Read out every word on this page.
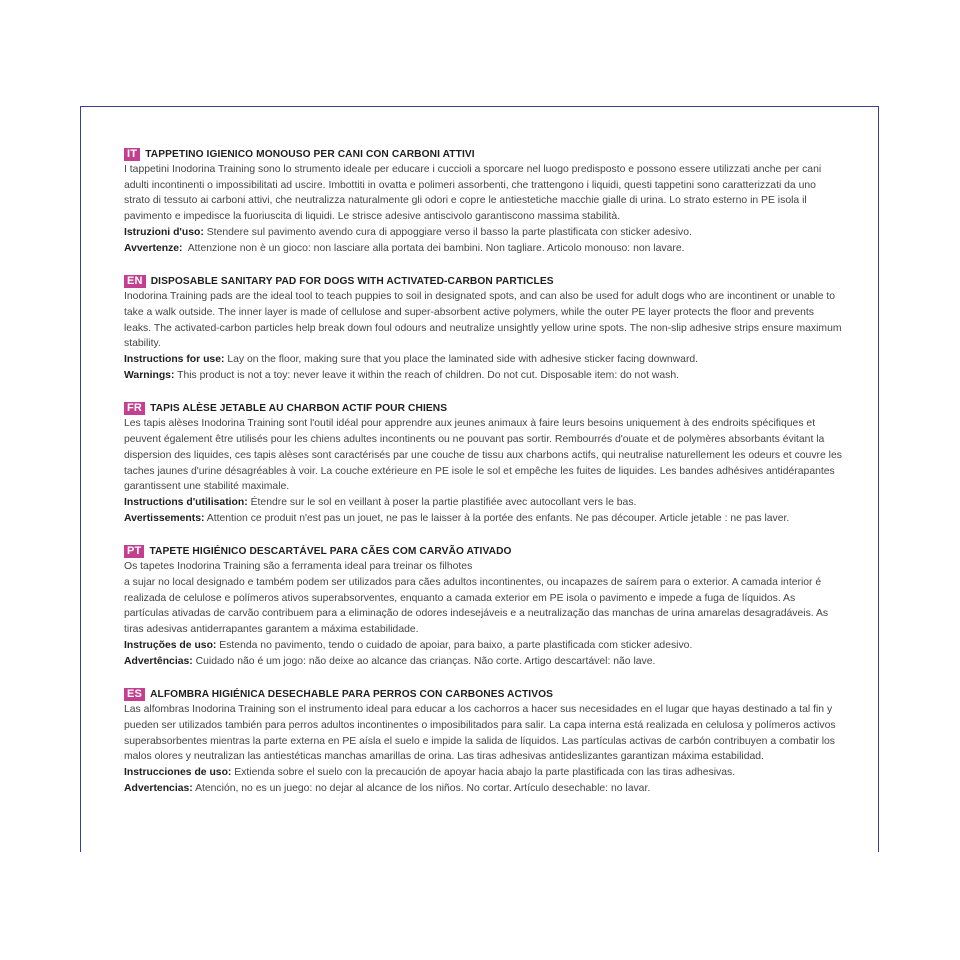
IT TAPPETINO IGIENICO MONOUSO PER CANI CON CARBONI ATTIVI

I tappetini Inodorina Training sono lo strumento ideale per educare i cuccioli a sporcare nel luogo predisposto e possono essere utilizzati anche per cani adulti incontinenti o impossibilitati ad uscire. Imbottiti in ovatta e polimeri assorbenti, che trattengono i liquidi, questi tappetini sono caratterizzati da uno strato di tessuto ai carboni attivi, che neutralizza naturalmente gli odori e copre le antiestetiche macchie gialle di urina. Lo strato esterno in PE isola il pavimento e impedisce la fuoriuscita di liquidi. Le strisce adesive antiscivolo garantiscono massima stabilità.

Istruzioni d'uso: Stendere sul pavimento avendo cura di appoggiare verso il basso la parte plastificata con sticker adesivo.

Avvertenze: Attenzione non è un gioco: non lasciare alla portata dei bambini. Non tagliare. Articolo monouso: non lavare.

EN DISPOSABLE SANITARY PAD FOR DOGS WITH ACTIVATED-CARBON PARTICLES

Inodorina Training pads are the ideal tool to teach puppies to soil in designated spots, and can also be used for adult dogs who are incontinent or unable to take a walk outside. The inner layer is made of cellulose and super-absorbent active polymers, while the outer PE layer protects the floor and prevents leaks. The activated-carbon particles help break down foul odours and neutralize unsightly yellow urine spots. The non-slip adhesive strips ensure maximum stability.

Instructions for use: Lay on the floor, making sure that you place the laminated side with adhesive sticker facing downward.

Warnings: This product is not a toy: never leave it within the reach of children. Do not cut. Disposable item: do not wash.

FR TAPIS ALÈSE JETABLE AU CHARBON ACTIF POUR CHIENS

Les tapis alèses Inodorina Training sont l'outil idéal pour apprendre aux jeunes animaux à faire leurs besoins uniquement à des endroits spécifiques et peuvent également être utilisés pour les chiens adultes incontinents ou ne pouvant pas sortir. Rembourrés d'ouate et de polymères absorbants évitant la dispersion des liquides, ces tapis alèses sont caractérisés par une couche de tissu aux charbons actifs, qui neutralise naturellement les odeurs et couvre les taches jaunes d'urine désagréables à voir. La couche extérieure en PE isole le sol et empêche les fuites de liquides. Les bandes adhésives antidérapantes garantissent une stabilité maximale.

Instructions d'utilisation: Étendre sur le sol en veillant à poser la partie plastifiée avec autocollant vers le bas.

Avertissements: Attention ce produit n'est pas un jouet, ne pas le laisser à la portée des enfants. Ne pas découper. Article jetable : ne pas laver.

PT TAPETE HIGIÉNICO DESCARTÁVEL PARA CÃES COM CARVÃO ATIVADO

Os tapetes Inodorina Training são a ferramenta ideal para treinar os filhotes
a sujar no local designado e também podem ser utilizados para cães adultos incontinentes, ou incapazes de saírem para o exterior. A camada interior é realizada de celulose e polímeros ativos superabsorventes, enquanto a camada exterior em PE isola o pavimento e impede a fuga de líquidos. As partículas ativadas de carvão contribuem para a eliminação de odores indesejáveis e a neutralização das manchas de urina amarelas desagradáveis. As tiras adesivas antiderrapantes garantem a máxima estabilidade.

Instruções de uso: Estenda no pavimento, tendo o cuidado de apoiar, para baixo, a parte plastificada com sticker adesivo.

Advertências: Cuidado não é um jogo: não deixe ao alcance das crianças. Não corte. Artigo descartável: não lave.

ES ALFOMBRA HIGIÉNICA DESECHABLE PARA PERROS CON CARBONES ACTIVOS

Las alfombras Inodorina Training son el instrumento ideal para educar a los cachorros a hacer sus necesidades en el lugar que hayas destinado a tal fin y pueden ser utilizados también para perros adultos incontinentes o imposibilitados para salir. La capa interna está realizada en celulosa y polímeros activos superabsorbentes mientras la parte externa en PE aísla el suelo e impide la salida de líquidos. Las partículas activas de carbón contribuyen a combatir los malos olores y neutralizan las antiestéticas manchas amarillas de orina. Las tiras adhesivas antideslizantes garantizan máxima estabilidad.

Instrucciones de uso: Extienda sobre el suelo con la precaución de apoyar hacia abajo la parte plastificada con las tiras adhesivas.

Advertencias: Atención, no es un juego: no dejar al alcance de los niños. No cortar. Artículo desechable: no lavar.
